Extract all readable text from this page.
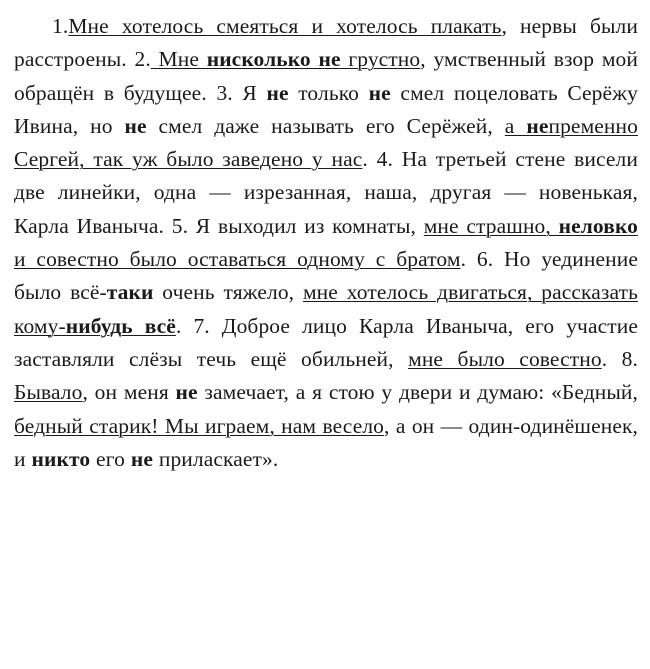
1.Мне хотелось смеяться и хотелось плакать, нервы были расстроены. 2. Мне нисколько не грустно, умственный взор мой обращён в будущее. 3. Я не только не смел поцеловать Серёжу Ивина, но не смел даже называть его Серёжей, а непременно Сергей, так уж было заведено у нас. 4. На третьей стене висели две линейки, одна — изрезанная, наша, другая — новенькая, Карла Иваныча. 5. Я выходил из комнаты, мне страшно, неловко и совестно было оставаться одному с братом. 6. Но уединение было всё-таки очень тяжело, мне хотелось двигаться, рассказать кому-нибудь всё. 7. Доброе лицо Карла Иваныча, его участие заставляли слёзы течь ещё обильней, мне было совестно. 8. Бывало, он меня не замечает, а я стою у двери и думаю: «Бедный, бедный старик! Мы играем, нам весело, а он — один-одинёшенек, и никто его не приласкает».
